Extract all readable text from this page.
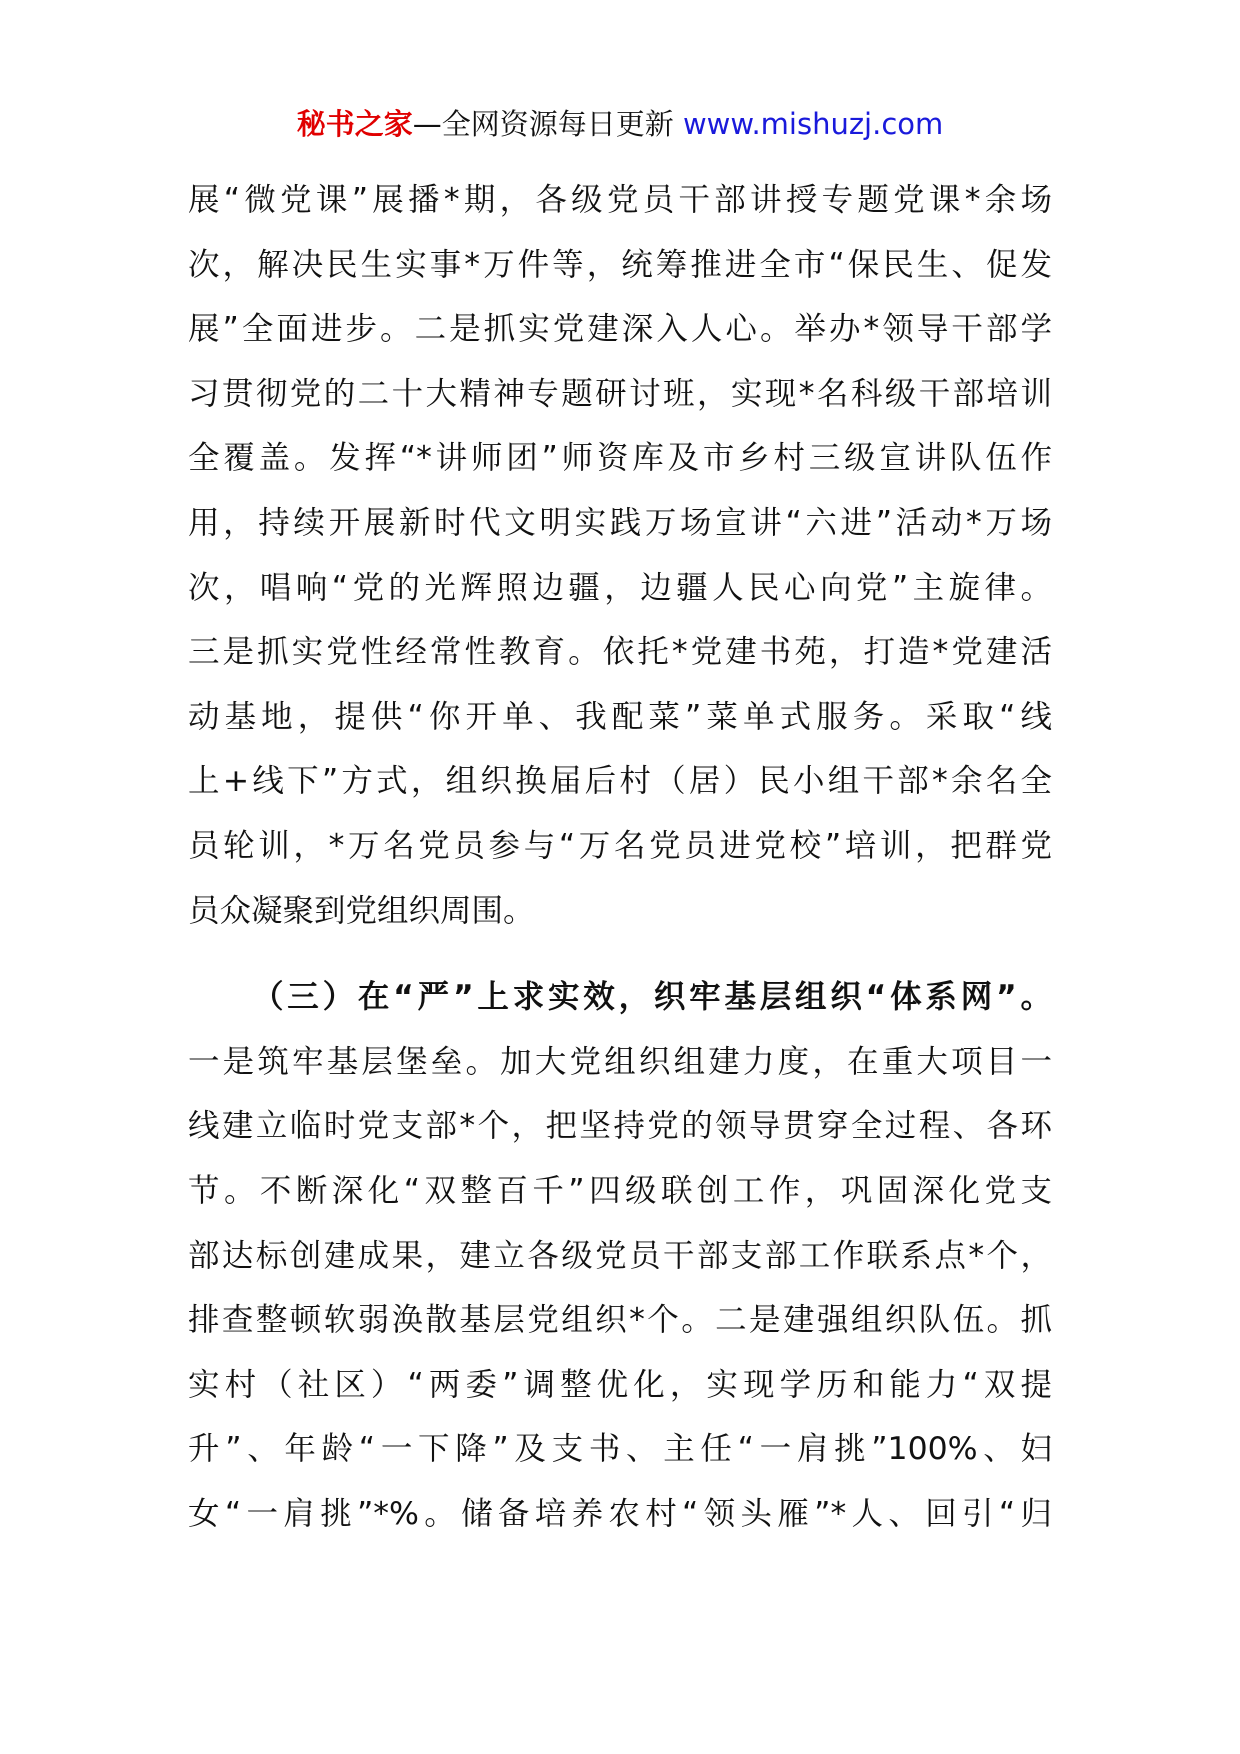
秘书之家—全网资源每日更新 www.mishuzj.com
展“微党课”展播*期，各级党员干部讲授专题党课*余场
次，解决民生实事*万件等，统筹推进全市“保民生、促发
展”全面进步。二是抓实党建深入人心。举办*领导干部学
习贯彻党的二十大精神专题研讨班，实现*名科级干部培训
全覆盖。发挥“*讲师团”师资库及市乡村三级宣讲队伍作
用，持续开展新时代文明实践万场宣讲“六进”活动*万场
次，唱响“党的光辉照边疆，边疆人民心向党”主旋律。
三是抓实党性经常性教育。依托*党建书苑，打造*党建活
动基地，提供“你开单、我配菜”菜单式服务。采取“线
上+线下”方式，组织换届后村（居）民小组干部*余名全
员轮训，*万名党员参与“万名党员进党校”培训，把群党
员众凝聚到党组织周围。
（三）在“严”上求实效，织牢基层组织“体系网”。
一是筑牢基层堡垒。加大党组织组建力度，在重大项目一
线建立临时党支部*个，把坚持党的领导贯穿全过程、各环
节。不断深化“双整百千”四级联创工作，巩固深化党支
部达标创建成果，建立各级党员干部支部工作联系点*个，
排查整顿软弱涣散基层党组织*个。二是建强组织队伍。抓
实村（社区）“两委”调整优化，实现学历和能力“双提
升”、年龄“一下降”及支书、主任“一肩挑”100%、妇
女“一肩挑”*%。储备培养农村“领头雁”*人、回引“归
